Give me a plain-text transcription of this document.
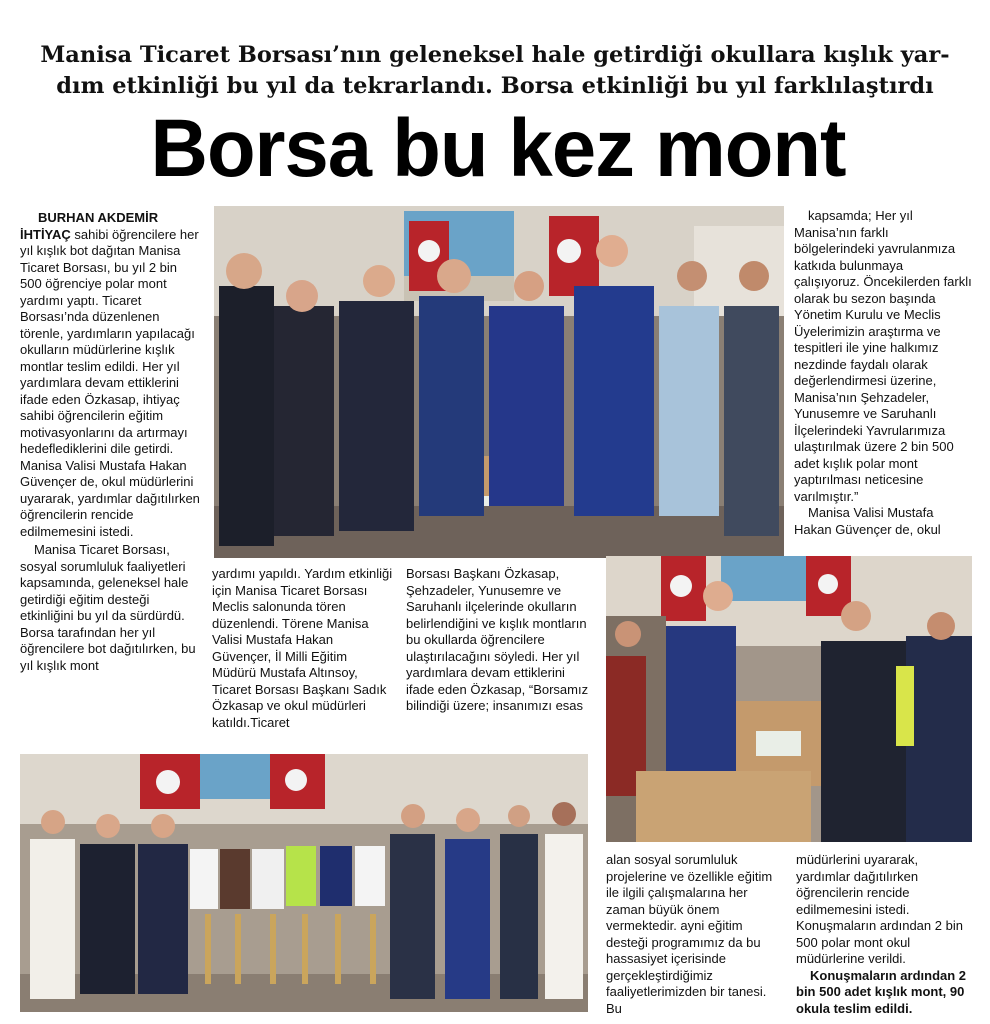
Manisa Ticaret Borsası’nın geleneksel hale getirdiği okullara kışlık yar-
dım etkinliği bu yıl da tekrarlandı. Borsa etkinliği bu yıl farklılaştırdı
Borsa bu kez mont
BURHAN AKDEMİR

İHTİYAÇ sahibi öğrencilere her yıl kışlık bot dağıtan Manisa Ticaret Borsası, bu yıl 2 bin 500 öğrenciye polar mont yardımı yaptı. Ticaret Borsası’nda düzenlenen törenle, yardımların yapılacağı okulların müdürlerine kışlık montlar teslim edildi. Her yıl yardımlara devam ettiklerini ifade eden Özkasap, ihtiyaç sahibi öğrencilerin eğitim motivasyonlarını da artırmayı hedeflediklerini dile getirdi. Manisa Valisi Mustafa Hakan Güvençer de, okul müdürlerini uyararak, yardımlar dağıtılırken öğrencilerin rencide edilmemesini istedi.

Manisa Ticaret Borsası, sosyal sorumluluk faaliyetleri kapsamında, geleneksel hale getirdiği eğitim desteği etkinliğini bu yıl da sürdürdü. Borsa tarafından her yıl öğrencilere bot dağıtılırken, bu yıl kışlık mont

kapsamda; Her yıl Manisa’nın farklı bölgelerindeki yavrulanmıza katkıda bulunmaya çalışıyoruz. Öncekilerden farklı olarak bu sezon başında Yönetim Kurulu ve Meclis Üyelerimizin araştırma ve tespitleri ile yine halkımız nezdinde faydalı olarak değerlendirmesi üzerine, Manisa’nın Şehzadeler, Yunusemre ve Saruhanlı İlçelerindeki Yavrularımıza ulaştırılmak üzere 2 bin 500 adet kışlık polar mont yaptırılması neticesine varılmıştır.”

Manisa Valisi Mustafa Hakan Güvençer de, okul

yardımı yapıldı. Yardım etkinliği için Manisa Ticaret Borsası Meclis salonunda tören düzenlendi. Törene Manisa Valisi Mustafa Hakan Güvençer, İl Milli Eğitim Müdürü Mustafa Altınsoy, Ticaret Borsası Başkanı Sadık Özkasap ve okul müdürleri katıldı.Ticaret

Borsası Başkanı Özkasap, Şehzadeler, Yunusemre ve Saruhanlı ilçelerinde okulların belirlendiğini ve kışlık montların bu okullarda öğrencilere ulaştırılacağını söyledi. Her yıl yardımlara devam ettiklerini ifade eden Özkasap, “Borsamız bilindiği üzere; insanımızı esas

alan sosyal sorumluluk projelerine ve özellikle eğitim ile ilgili çalışmalarına her zaman büyük önem vermektedir. ayni eğitim desteği programımız da bu hassasiyet içerisinde gerçekleştirdiğimiz faaliyetlerimizden bir tanesi. Bu

müdürlerini uyararak, yardımlar dağıtılırken öğrencilerin rencide edilmemesini istedi. Konuşmaların ardından 2 bin 500 polar mont okul müdürlerine verildi.

Konuşmaların ardından 2 bin 500 adet kışlık mont, 90 okula teslim edildi.
